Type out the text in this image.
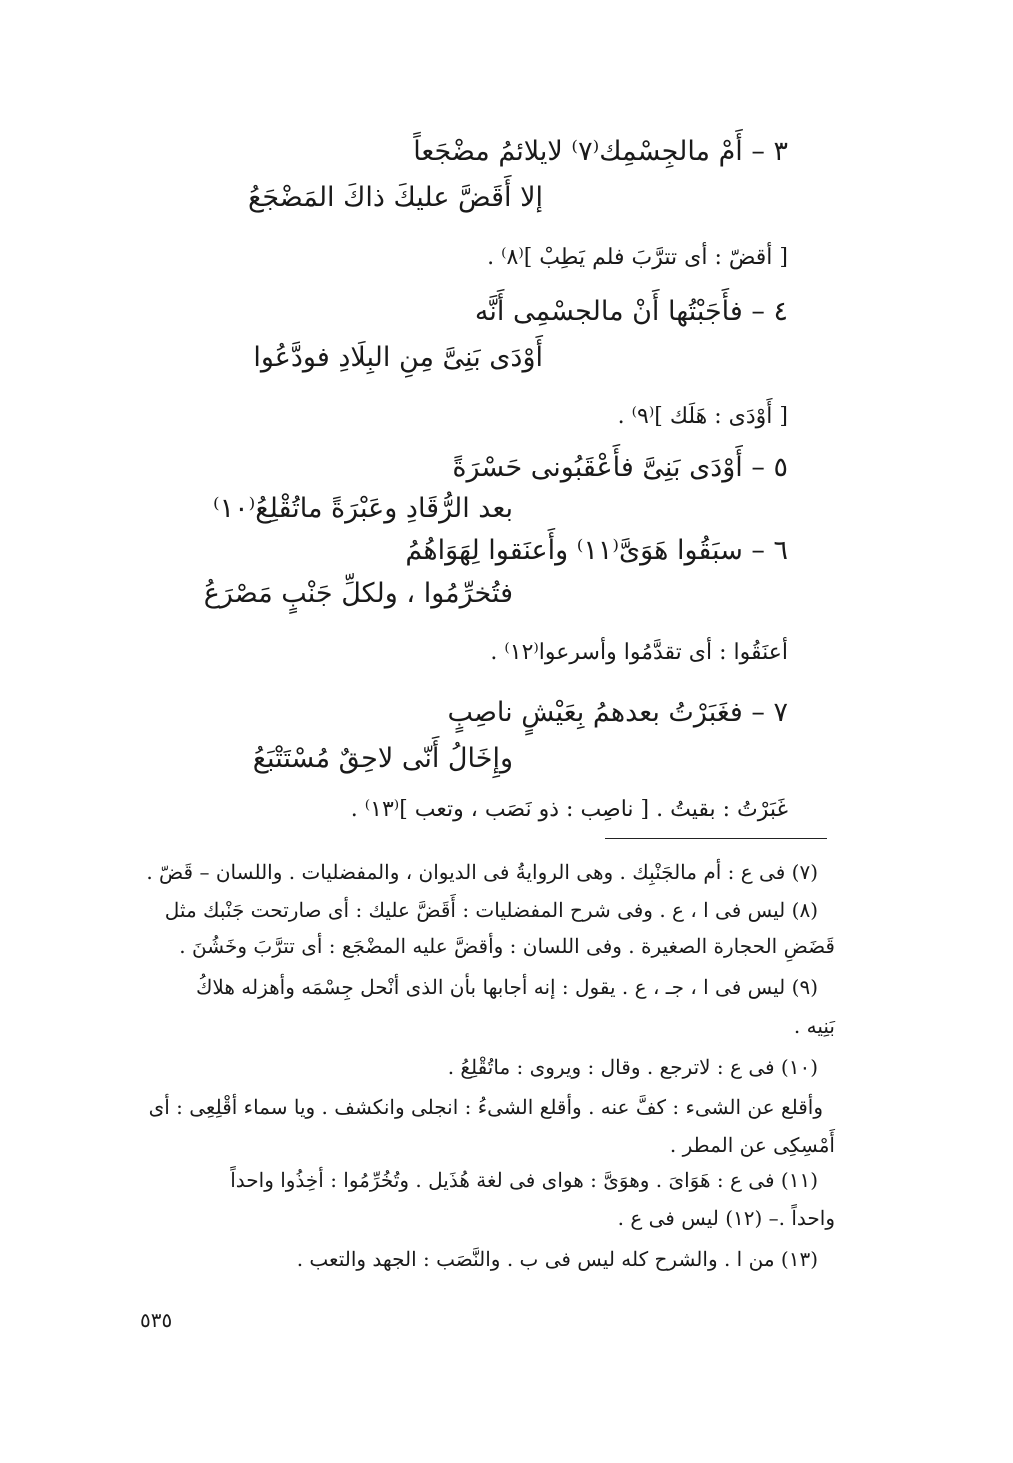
٣ – أَمْ مالجِسْمِك⁽٧⁾ لايلائمُ مضْجَعاً
إلا أَقَضَّ عليكَ ذاكَ المَضْجَعُ
[ أقضّ : أى تترَّبَ فلم يَطِبْ ]⁽٨⁾ .
٤ – فأَجَبْتُها أَنْ مالجسْمِى أَنَّه
أَوْدَى بَنِىَّ مِنِ البِلَادِ فودَّعُوا
[ أَوْدَى : هَلَك ]⁽٩⁾ .
٥ – أَوْدَى بَنِىَّ فأَعْقَبُونى حَسْرَةً
بعد الرُّقَادِ وعَبْرَةً ماتُقْلِعُ⁽١٠⁾
٦ – سبَقُوا هَوَىَّ⁽١١⁾ وأَعنَقوا لِهَوَاهُمُ
فتُخرِّمُوا ، ولكلِّ جَنْبٍ مَصْرَعُ
أعنَقُوا : أى تقدَّمُوا وأسرعوا⁽١٢⁾ .
٧ – فغَبَرْتُ بعدهمُ بِعَيْشٍ ناصِبٍ
وإِخَالُ أَنّى لاحِقٌ مُسْتَتْبَعُ
غَبَرْتُ : بقيتُ . [ ناصِب : ذو نَصَب ، وتعب ]⁽١٣⁾ .
(٧) فى ع : أم مالجَنْبِك . وهى الروايةُ فى الديوان ، والمفضليات . واللسان – قَضّ .
(٨) ليس فى ا ، ع . وفى شرح المفضليات : أَقَضَّ عليك : أى صارتحت جَنْبك مثل
قَضَضِ الحجارة الصغيرة . وفى اللسان : وأقضَّ عليه المضْجَع : أى تترَّبَ وخَشُنَ .
(٩) ليس فى ا ، جـ ، ع . يقول : إنه أجابها بأن الذى أنْحل جِسْمَه وأهزله هلاكُ
بَنِيه .
(١٠) فى ع : لاترجع . وقال : ويروى : ماتُقْلِعُ .
وأقلع عن الشىء : كفَّ عنه . وأقلع الشىءُ : انجلى وانكشف . ويا سماء أقْلِعِى : أى
أَمْسِكِى عن المطر .
(١١) فى ع : هَوَاىَ . وهوَىَّ : هواى فى لغة هُذَيل . وتُخُرِّمُوا : أخِذُوا واحداً
واحداً .– (١٢) ليس فى ع .
(١٣) من ا . والشرح كله ليس فى ب . والنَّصَب : الجهد والتعب .
٥٣٥
